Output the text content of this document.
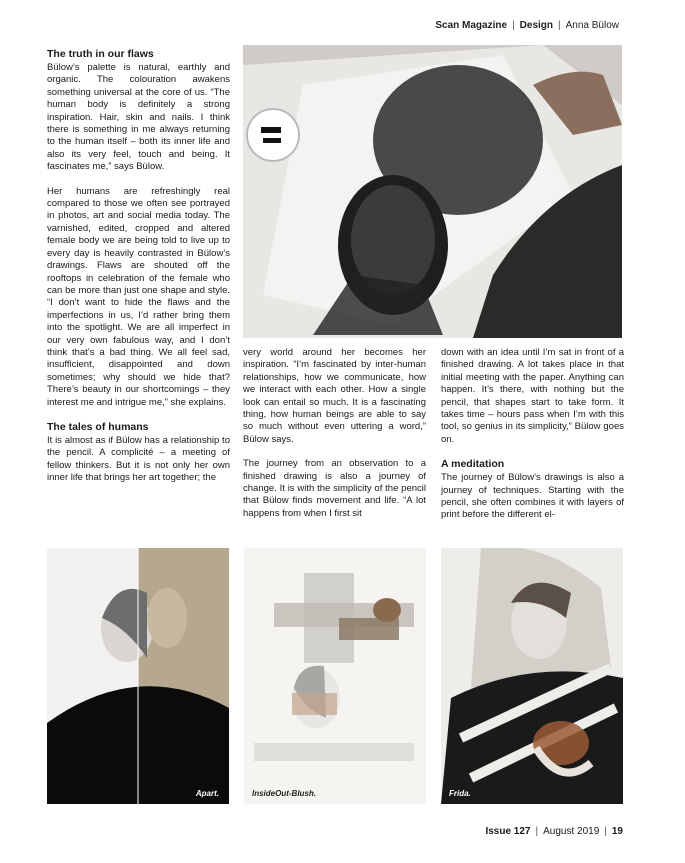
Scan Magazine | Design | Anna Bülow
The truth in our flaws

Bülow’s palette is natural, earthly and organic. The colouration awakens something universal at the core of us. “The human body is definitely a strong inspiration. Hair, skin and nails. I think there is something in me always returning to the human itself – both its inner life and also its very feel, touch and being. It fascinates me,” says Bülow.

Her humans are refreshingly real compared to those we often see portrayed in photos, art and social media today. The varnished, edited, cropped and altered female body we are being told to live up to every day is heavily contrasted in Bülow’s drawings. Flaws are shouted off the rooftops in celebration of the female who can be more than just one shape and style. “I don’t want to hide the flaws and the imperfections in us, I’d rather bring them into the spotlight. We are all imperfect in our very own fabulous way, and I don’t think that’s a bad thing. We all feel sad, insufficient, disappointed and down sometimes; why should we hide that? There’s beauty in our shortcomings – they interest me and intrigue me,” she explains.

The tales of humans

It is almost as if Bülow has a relationship to the pencil. A complicité – a meeting of fellow thinkers. But it is not only her own inner life that brings her art together; the

very world around her becomes her inspiration. “I’m fascinated by inter-human relationships, how we communicate, how we interact with each other. How a single look can entail so much. It is a fascinating thing, how human beings are able to say so much without even uttering a word,” Bülow says.

The journey from an observation to a finished drawing is also a journey of change. It is with the simplicity of the pencil that Bülow finds movement and life. “A lot happens from when I first sit

down with an idea until I’m sat in front of a finished drawing. A lot takes place in that initial meeting with the paper. Anything can happen. It’s there, with nothing but the pencil, that shapes start to take form. It takes time – hours pass when I’m with this tool, so genius in its simplicity,” Bülow goes on.

A meditation

The journey of Bülow’s drawings is also a journey of techniques. Starting with the pencil, she often combines it with layers of print before the different el-

Apart.	InsideOut-Blush.	Frida.
Issue 127 | August 2019 | 19
